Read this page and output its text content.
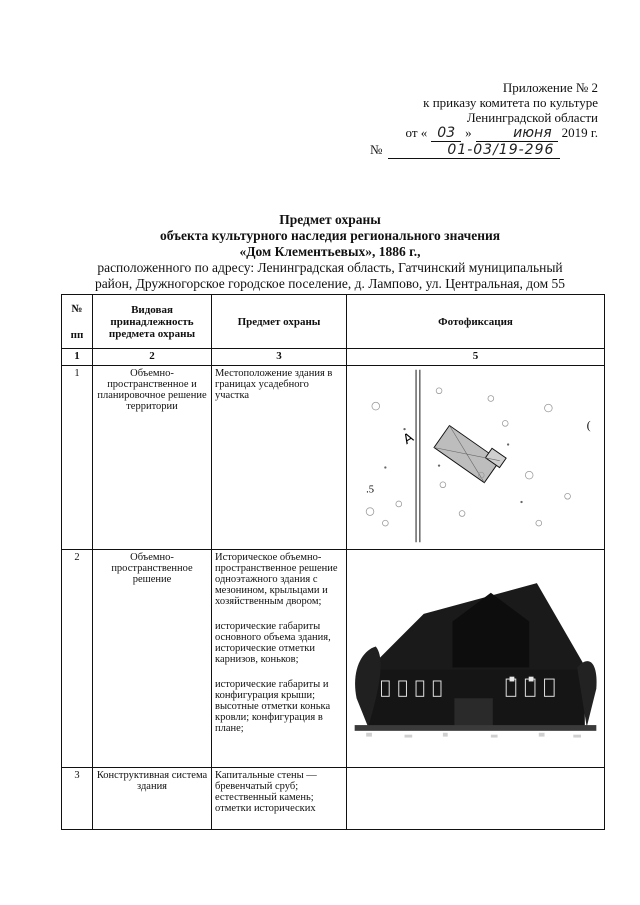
Приложение № 2
к приказу комитета по культуре
Ленинградской области
от « 03 »	июня 2019 г.
№	01-03/19-296
Предмет охраны
объекта культурного наследия регионального значения
«Дом Клементьевых», 1886 г.,
расположенного по адресу: Ленинградская область, Гатчинский муниципальный
район, Дружногорское городское поселение, д. Лампово, ул. Центральная, дом 55
№
пп	Видовая принадлежность предмета охраны	Предмет охраны	Фотофиксация
1	2	3	5
1	Объемно-пространственное и планировочное решение территории	Местоположение здания в границах усадебного участка	А
.5
(

2	Объемно-пространственное решение	Историческое объемно-пространственное решение одноэтажного здания с мезонином, крыльцами и хозяйственным двором;

исторические габариты основного объема здания, исторические отметки карнизов, коньков;

исторические габариты и конфигурация крыши; высотные отметки конька кровли; конфигурация в плане;

3	Конструктивная система здания	Капитальные стены — бревенчатый сруб; естественный камень; отметки исторических	
